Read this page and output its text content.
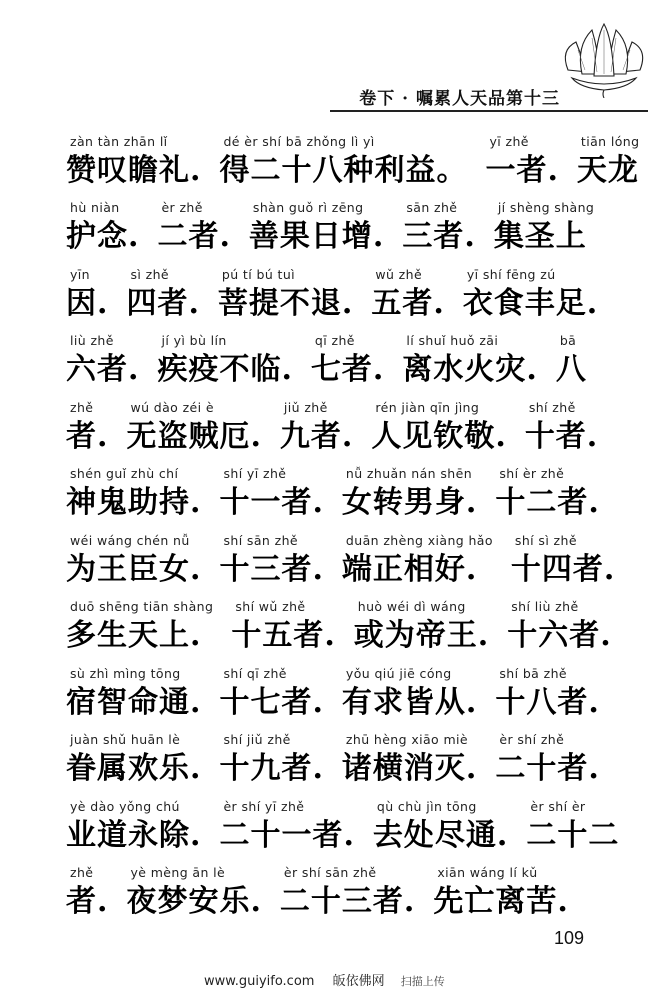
卷下 · 嘱累人天品第十三
zàn tàn zhān lǐ
赞叹瞻礼.
dé èr shí bā zhǒng lì yì
得二十八种利益。
yī zhě
一者.
tiān lóng
天龙
hù niàn
护念.
èr zhě
二者.
shàn guǒ rì zēng
善果日增.
sān zhě
三者.
jí shèng shàng
集圣上
yīn
因.
sì zhě
四者.
pú tí bú tuì
菩提不退.
wǔ zhě
五者.
yī shí fēng zú
衣食丰足.
liù zhě
六者.
jí yì bù lín
疾疫不临.
qī zhě
七者.
lí shuǐ huǒ zāi
离水火灾.
bā
八
zhě
者.
wú dào zéi è
无盗贼厄.
jiǔ zhě
九者.
rén jiàn qīn jìng
人见钦敬.
shí zhě
十者.
shén guǐ zhù chí
神鬼助持.
shí yī zhě
十一者.
nǚ zhuǎn nán shēn
女转男身.
shí èr zhě
十二者.
wéi wáng chén nǚ
为王臣女.
shí sān zhě
十三者.
duān zhèng xiàng hǎo
端正相好.
shí sì zhě
十四者.
duō shēng tiān shàng
多生天上.
shí wǔ zhě
十五者.
huò wéi dì wáng
或为帝王.
shí liù zhě
十六者.
sù zhì mìng tōng
宿智命通.
shí qī zhě
十七者.
yǒu qiú jiē cóng
有求皆从.
shí bā zhě
十八者.
juàn shǔ huān lè
眷属欢乐.
shí jiǔ zhě
十九者.
zhū hèng xiāo miè
诸横消灭.
èr shí zhě
二十者.
yè dào yǒng chú
业道永除.
èr shí yī zhě
二十一者.
qù chù jìn tōng
去处尽通.
èr shí èr
二十二
zhě
者.
yè mèng ān lè
夜梦安乐.
èr shí sān zhě
二十三者.
xiān wáng lí kǔ
先亡离苦.
109
www.guiyifo.com 皈依佛网 扫描上传
